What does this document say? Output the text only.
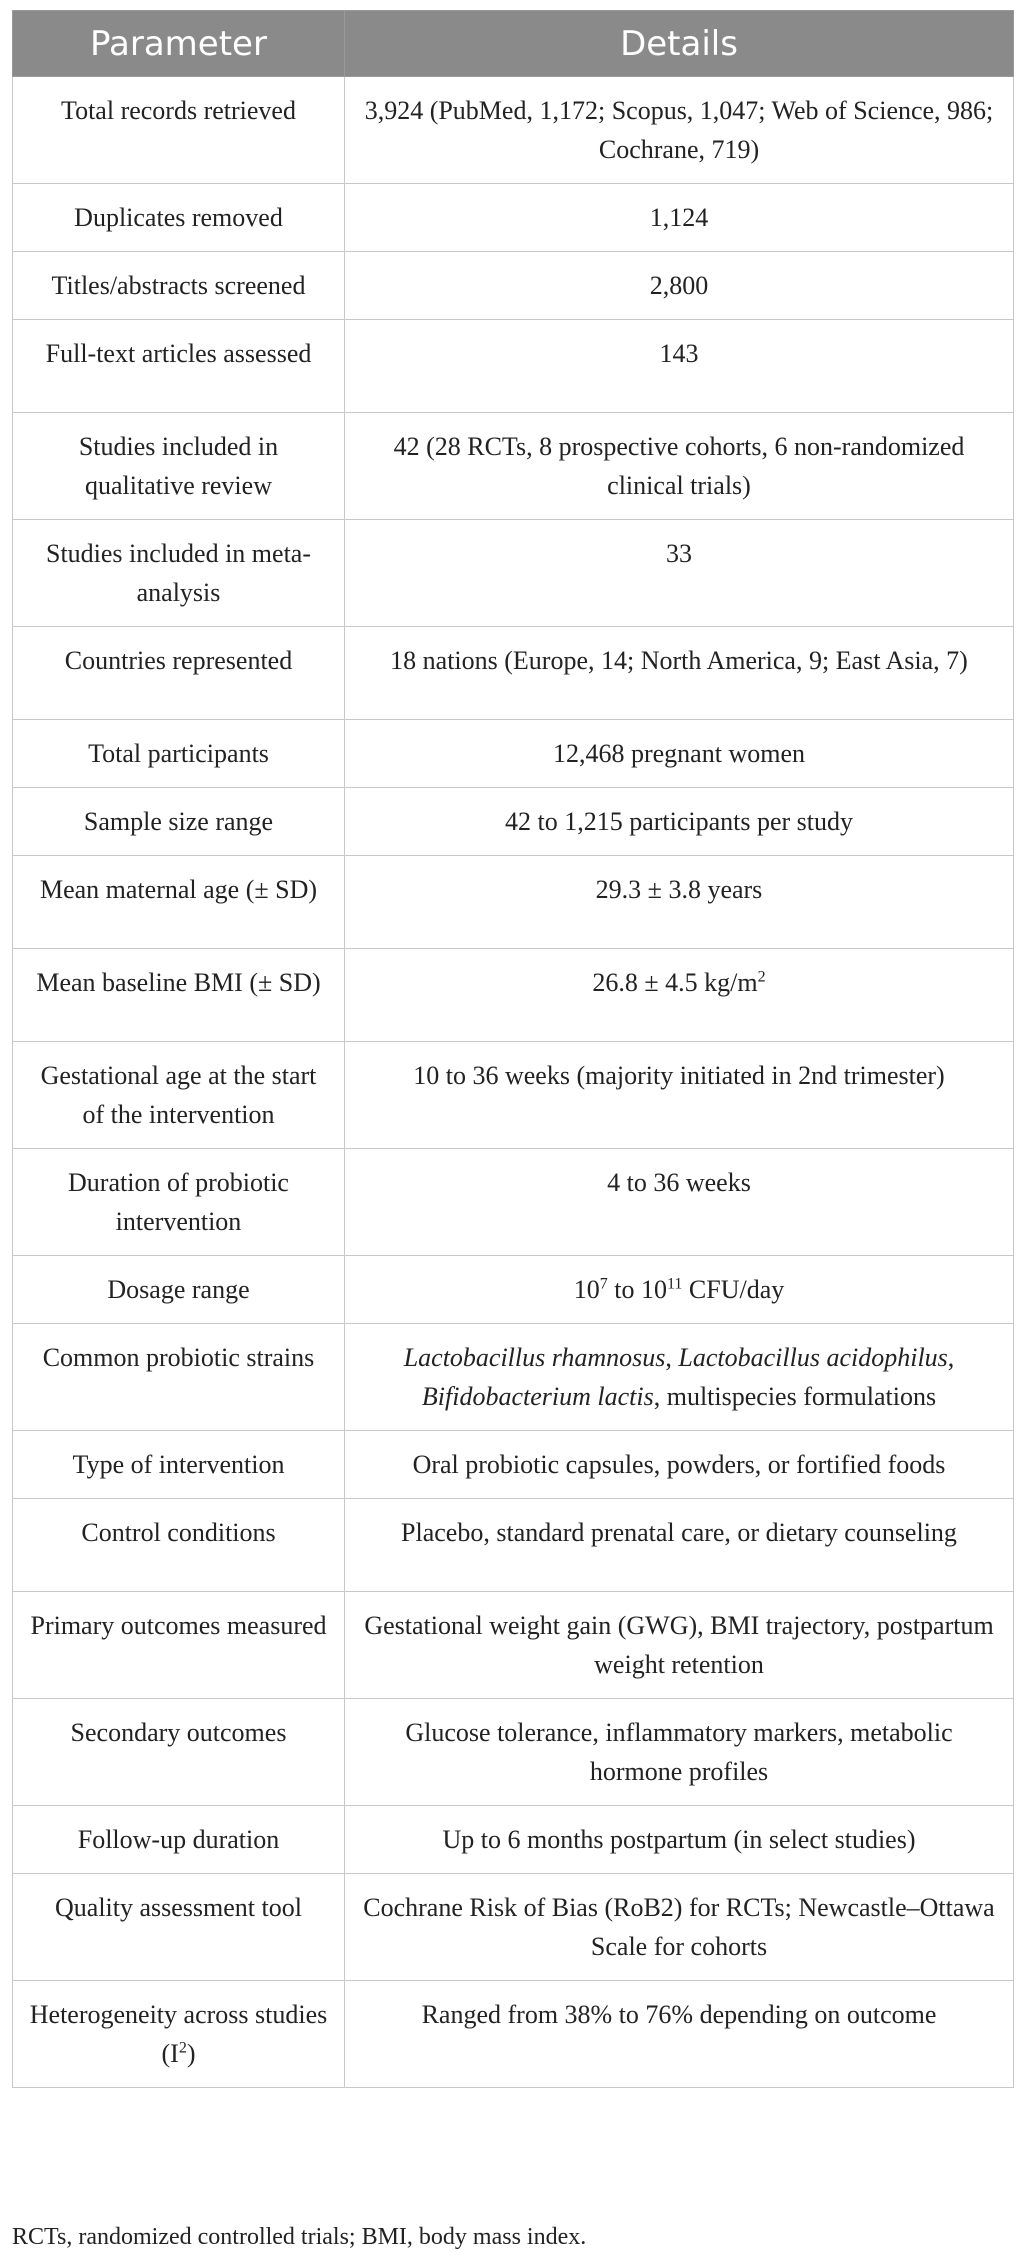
Parameter	Details
Total records retrieved	3,924 (PubMed, 1,172; Scopus, 1,047; Web of Science, 986; Cochrane, 719)
Duplicates removed	1,124
Titles/abstracts screened	2,800
Full-text articles assessed	143
Studies included in qualitative review	42 (28 RCTs, 8 prospective cohorts, 6 non-randomized clinical trials)
Studies included in meta-analysis	33
Countries represented	18 nations (Europe, 14; North America, 9; East Asia, 7)
Total participants	12,468 pregnant women
Sample size range	42 to 1,215 participants per study
Mean maternal age (± SD)	29.3 ± 3.8 years
Mean baseline BMI (± SD)	26.8 ± 4.5 $kg/m^2$
Gestational age at the start of the intervention	10 to 36 weeks (majority initiated in 2nd trimester)
Duration of probiotic intervention	4 to 36 weeks
Dosage range	$10^7$ to $10^{11}$ CFU/day
Common probiotic strains	Lactobacillus rhamnosus, Lactobacillus acidophilus, Bifidobacterium lactis, multispecies formulations
Type of intervention	Oral probiotic capsules, powders, or fortified foods
Control conditions	Placebo, standard prenatal care, or dietary counseling
Primary outcomes measured	Gestational weight gain (GWG), BMI trajectory, postpartum weight retention
Secondary outcomes	Glucose tolerance, inflammatory markers, metabolic hormone profiles
Follow-up duration	Up to 6 months postpartum (in select studies)
Quality assessment tool	Cochrane Risk of Bias (RoB2) for RCTs; Newcastle–Ottawa Scale for cohorts
Heterogeneity across studies $(I^2)$	Ranged from 38% to 76% depending on outcome
RCTs, randomized controlled trials; BMI, body mass index.
